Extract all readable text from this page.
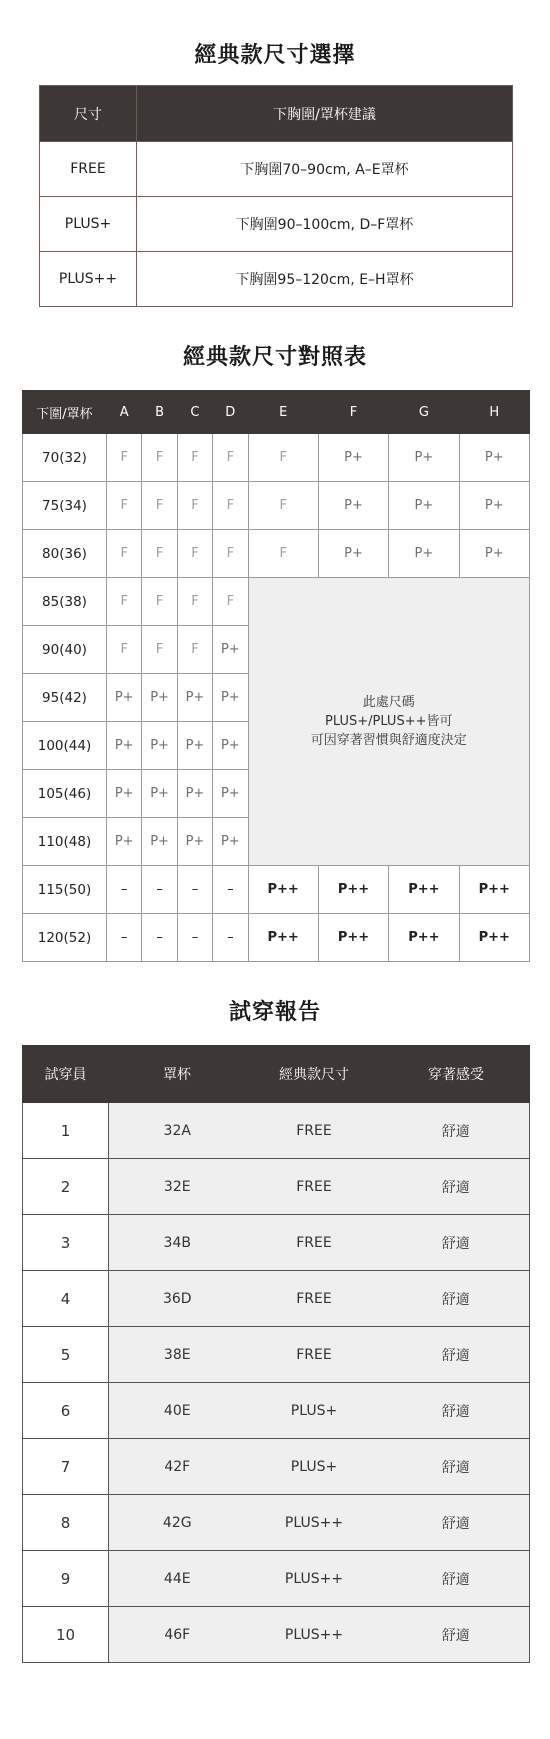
經典款尺寸選擇
尺寸	下胸圍/罩杯建議
FREE	下胸圍70–90cm, A–E罩杯
PLUS+	下胸圍90–100cm, D–F罩杯
PLUS++	下胸圍95–120cm, E–H罩杯
經典款尺寸對照表
下圍/罩杯	A	B	C	D	E	F	G	H
70(32)	F	F	F	F	F	P+	P+	P+
75(34)	F	F	F	F	F	P+	P+	P+
80(36)	F	F	F	F	F	P+	P+	P+
85(38)	F	F	F	F	此處尺碼
PLUS+/PLUS++皆可
可因穿著習慣與舒適度決定			

90(40)	F	F	F	P+				
95(42)	P+	P+	P+	P+				
100(44)	P+	P+	P+	P+				
105(46)	P+	P+	P+	P+				
110(48)	P+	P+	P+	P+				
115(50)	–	–	–	–	P++	P++	P++	P++
120(52)	–	–	–	–	P++	P++	P++	P++
試穿報告
試穿員	罩杯	經典款尺寸	穿著感受
1	32A	FREE	舒適
2	32E	FREE	舒適
3	34B	FREE	舒適
4	36D	FREE	舒適
5	38E	FREE	舒適
6	40E	PLUS+	舒適
7	42F	PLUS+	舒適
8	42G	PLUS++	舒適
9	44E	PLUS++	舒適
10	46F	PLUS++	舒適
